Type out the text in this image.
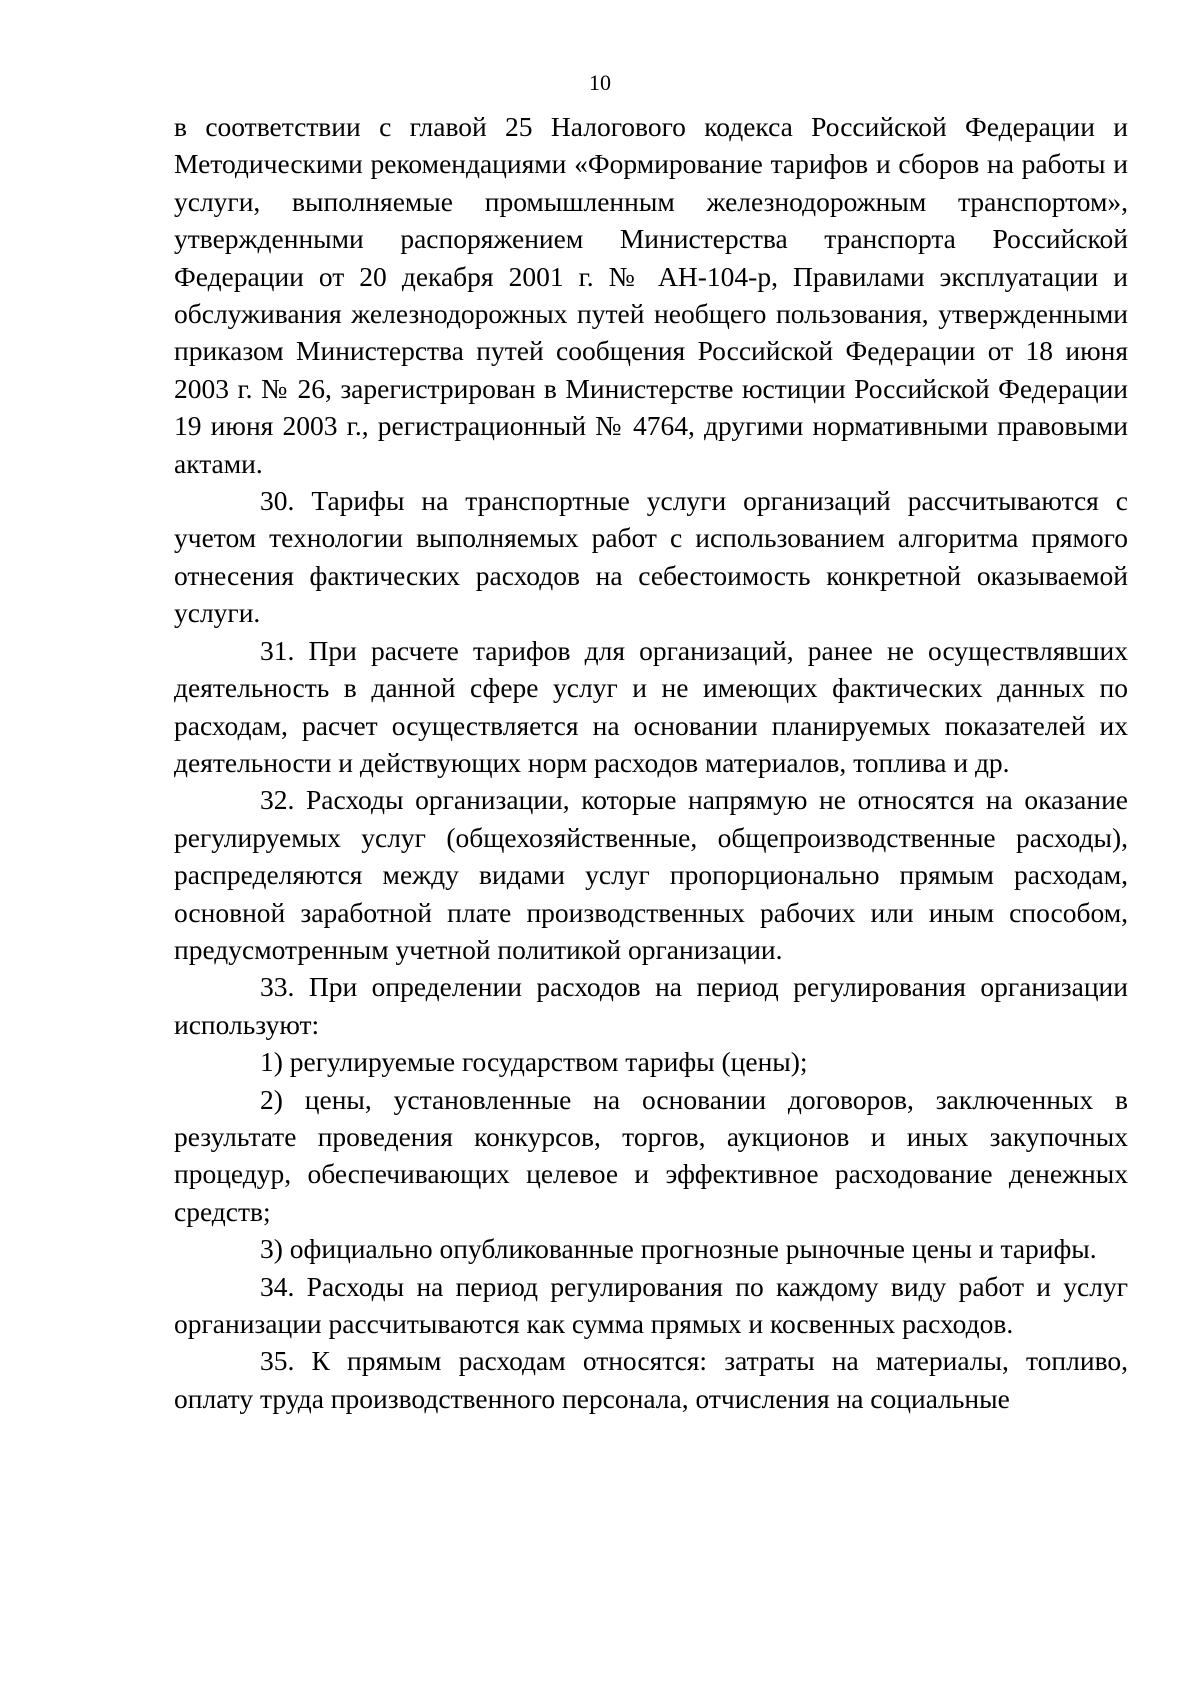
10

в соответствии с главой 25 Налогового кодекса Российской Федерации и Методическими рекомендациями «Формирование тарифов и сборов на работы и услуги, выполняемые промышленным железнодорожным транспортом», утвержденными распоряжением Министерства транспорта Российской Федерации от 20 декабря 2001 г. № АН-104-р, Правилами эксплуатации и обслуживания железнодорожных путей необщего пользования, утвержденными приказом Министерства путей сообщения Российской Федерации от 18 июня 2003 г. № 26, зарегистрирован в Министерстве юстиции Российской Федерации 19 июня 2003 г., регистрационный № 4764, другими нормативными правовыми актами.

30. Тарифы на транспортные услуги организаций рассчитываются с учетом технологии выполняемых работ с использованием алгоритма прямого отнесения фактических расходов на себестоимость конкретной оказываемой услуги.

31. При расчете тарифов для организаций, ранее не осуществлявших деятельность в данной сфере услуг и не имеющих фактических данных по расходам, расчет осуществляется на основании планируемых показателей их деятельности и действующих норм расходов материалов, топлива и др.

32. Расходы организации, которые напрямую не относятся на оказание регулируемых услуг (общехозяйственные, общепроизводственные расходы), распределяются между видами услуг пропорционально прямым расходам, основной заработной плате производственных рабочих или иным способом, предусмотренным учетной политикой организации.

33. При определении расходов на период регулирования организации используют:

1) регулируемые государством тарифы (цены);

2) цены, установленные на основании договоров, заключенных в результате проведения конкурсов, торгов, аукционов и иных закупочных процедур, обеспечивающих целевое и эффективное расходование денежных средств;

3) официально опубликованные прогнозные рыночные цены и тарифы.

34. Расходы на период регулирования по каждому виду работ и услуг организации рассчитываются как сумма прямых и косвенных расходов.

35. К прямым расходам относятся: затраты на материалы, топливо, оплату труда производственного персонала, отчисления на социальные
